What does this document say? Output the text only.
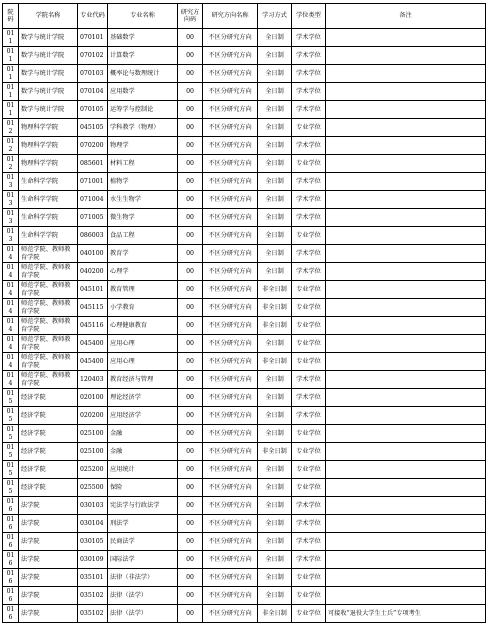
院码	学院名称	专业代码	专业名称	研究方向码	研究方向名称	学习方式	学位类型	备注
011	数学与统计学院	070101	基础数学	00	不区分研究方向	全日制	学术学位	
011	数学与统计学院	070102	计算数学	00	不区分研究方向	全日制	学术学位	
011	数学与统计学院	070103	概率论与数理统计	00	不区分研究方向	全日制	学术学位	
011	数学与统计学院	070104	应用数学	00	不区分研究方向	全日制	学术学位	
011	数学与统计学院	070105	运筹学与控制论	00	不区分研究方向	全日制	学术学位	
012	物理科学学院	045105	学科教学（物理）	00	不区分研究方向	全日制	专业学位	
012	物理科学学院	070200	物理学	00	不区分研究方向	全日制	学术学位	
012	物理科学学院	085601	材料工程	00	不区分研究方向	全日制	专业学位	
013	生命科学学院	071001	植物学	00	不区分研究方向	全日制	学术学位	
013	生命科学学院	071004	水生生物学	00	不区分研究方向	全日制	学术学位	
013	生命科学学院	071005	微生物学	00	不区分研究方向	全日制	学术学位	
013	生命科学学院	086003	食品工程	00	不区分研究方向	全日制	专业学位	
014	师范学院、教师教育学院	040100	教育学	00	不区分研究方向	全日制	学术学位	
014	师范学院、教师教育学院	040200	心理学	00	不区分研究方向	全日制	学术学位	
014	师范学院、教师教育学院	045101	教育管理	00	不区分研究方向	非全日制	专业学位	
014	师范学院、教师教育学院	045115	小学教育	00	不区分研究方向	非全日制	专业学位	
014	师范学院、教师教育学院	045116	心理健康教育	00	不区分研究方向	非全日制	专业学位	
014	师范学院、教师教育学院	045400	应用心理	00	不区分研究方向	全日制	专业学位	
014	师范学院、教师教育学院	045400	应用心理	00	不区分研究方向	非全日制	专业学位	
014	师范学院、教师教育学院	120403	教育经济与管理	00	不区分研究方向	全日制	学术学位	
015	经济学院	020100	理论经济学	00	不区分研究方向	全日制	学术学位	
015	经济学院	020200	应用经济学	00	不区分研究方向	全日制	学术学位	
015	经济学院	025100	金融	00	不区分研究方向	全日制	专业学位	
015	经济学院	025100	金融	00	不区分研究方向	非全日制	专业学位	
015	经济学院	025200	应用统计	00	不区分研究方向	全日制	专业学位	
015	经济学院	025500	保险	00	不区分研究方向	全日制	专业学位	
016	法学院	030103	宪法学与行政法学	00	不区分研究方向	全日制	学术学位	
016	法学院	030104	刑法学	00	不区分研究方向	全日制	学术学位	
016	法学院	030105	民商法学	00	不区分研究方向	全日制	学术学位	
016	法学院	030109	国际法学	00	不区分研究方向	全日制	学术学位	
016	法学院	035101	法律（非法学）	00	不区分研究方向	全日制	专业学位	
016	法学院	035102	法律（法学）	00	不区分研究方向	全日制	专业学位	
016	法学院	035102	法律（法学）	00	不区分研究方向	非全日制	专业学位	可接收“退役大学生士兵”专项考生
